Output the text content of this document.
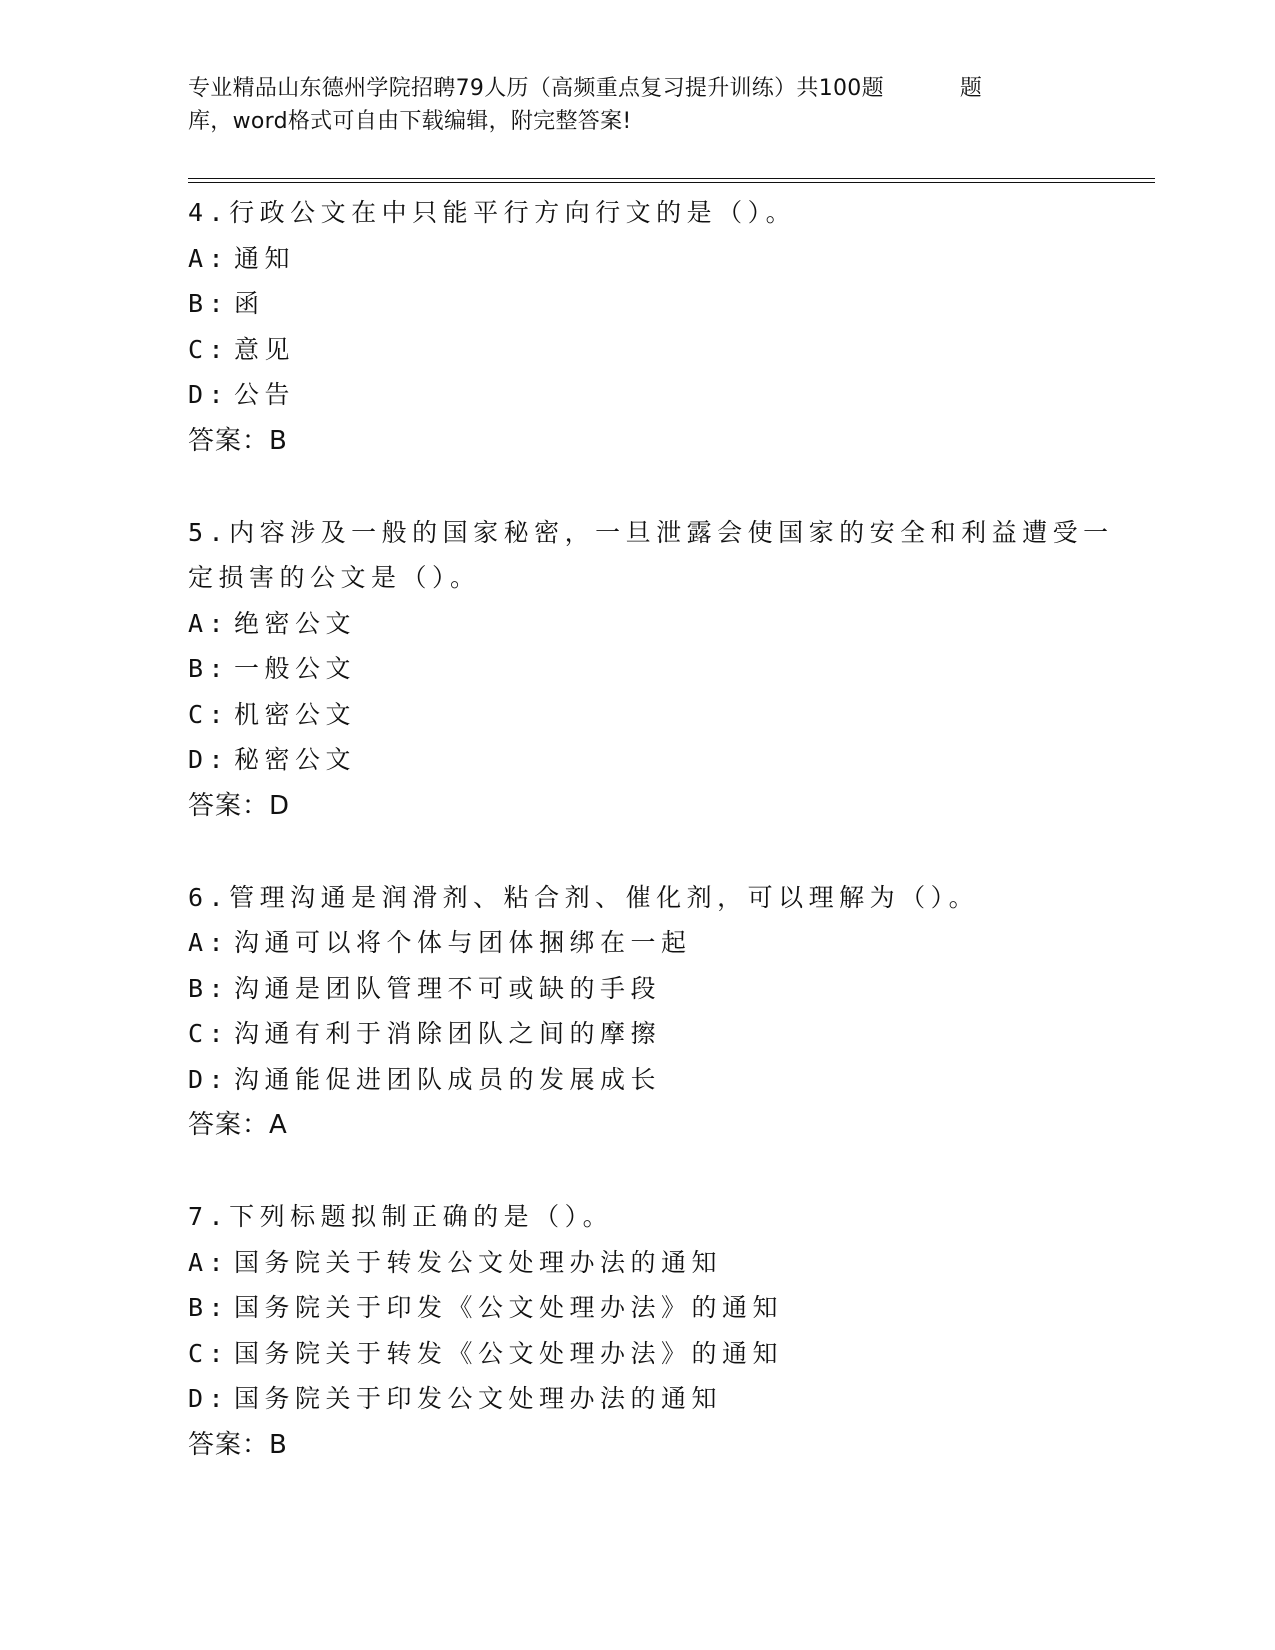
专业精品山东德州学院招聘79人历（高频重点复习提升训练）共100题	题
库，word格式可自由下载编辑，附完整答案!

4.行政公文在中只能平行方向行文的是（）。

A: 通知
B: 函
C: 意见
D: 公告
答案：B

5.内容涉及一般的国家秘密，一旦泄露会使国家的安全和利益遭受一
定损害的公文是（）。

A: 绝密公文
B: 一般公文
C: 机密公文
D: 秘密公文
答案：D

6.管理沟通是润滑剂、粘合剂、催化剂，可以理解为（）。

A: 沟通可以将个体与团体捆绑在一起
B: 沟通是团队管理不可或缺的手段
C: 沟通有利于消除团队之间的摩擦
D: 沟通能促进团队成员的发展成长
答案：A

7.下列标题拟制正确的是（）。

A: 国务院关于转发公文处理办法的通知
B: 国务院关于印发《公文处理办法》的通知
C: 国务院关于转发《公文处理办法》的通知
D: 国务院关于印发公文处理办法的通知
答案：B
